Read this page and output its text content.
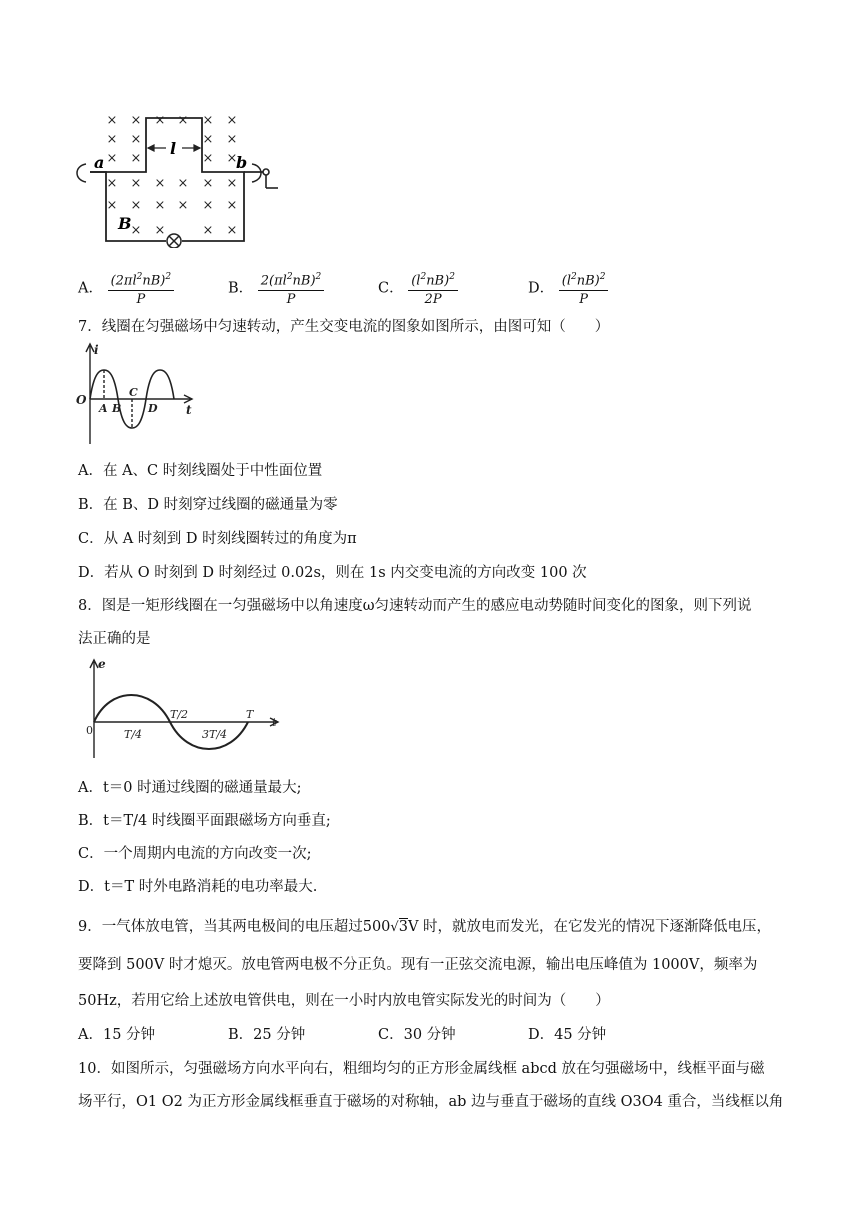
× × × × × ×
× ×	× ×
× ×	× ×
× × × × × ×
× × × × × ×
× ×	× ×
a	b
l
B
A． $\frac{(2\pi l^2nB)^2}{P}$	B． $\frac{2(\pi l^2nB)^2}{P}$	C． $\frac{(l^2nB)^2}{2P}$	D． $\frac{(l^2nB)^2}{P}$
7．线圈在匀强磁场中匀速转动，产生交变电流的图象如图所示，由图可知（　　）
i
O
A B
C
D t
A．在 A、C 时刻线圈处于中性面位置
B．在 B、D 时刻穿过线圈的磁通量为零
C．从 A 时刻到 D 时刻线圈转过的角度为π
D．若从 O 时刻到 D 时刻经过 0.02s，则在 1s 内交变电流的方向改变 100 次
8．图是一矩形线圈在一匀强磁场中以角速度ω匀速转动而产生的感应电动势随时间变化的图象，则下列说
法正确的是
e
0
t
T/4
T/2
3T/4
T
A．t＝0 时通过线圈的磁通量最大;
B．t＝T/4 时线圈平面跟磁场方向垂直;
C．一个周期内电流的方向改变一次;
D．t＝T 时外电路消耗的电功率最大.
9．一气体放电管，当其两电极间的电压超过500√3V 时，就放电而发光，在它发光的情况下逐渐降低电压，
要降到 500V 时才熄灭。放电管两电极不分正负。现有一正弦交流电源，输出电压峰值为 1000V，频率为
50Hz，若用它给上述放电管供电，则在一小时内放电管实际发光的时间为（　　）
A．15 分钟	B．25 分钟	C．30 分钟	D．45 分钟
10．如图所示，匀强磁场方向水平向右，粗细均匀的正方形金属线框 abcd 放在匀强磁场中，线框平面与磁
场平行，O1 O2 为正方形金属线框垂直于磁场的对称轴，ab 边与垂直于磁场的直线 O3O4 重合，当线框以角
